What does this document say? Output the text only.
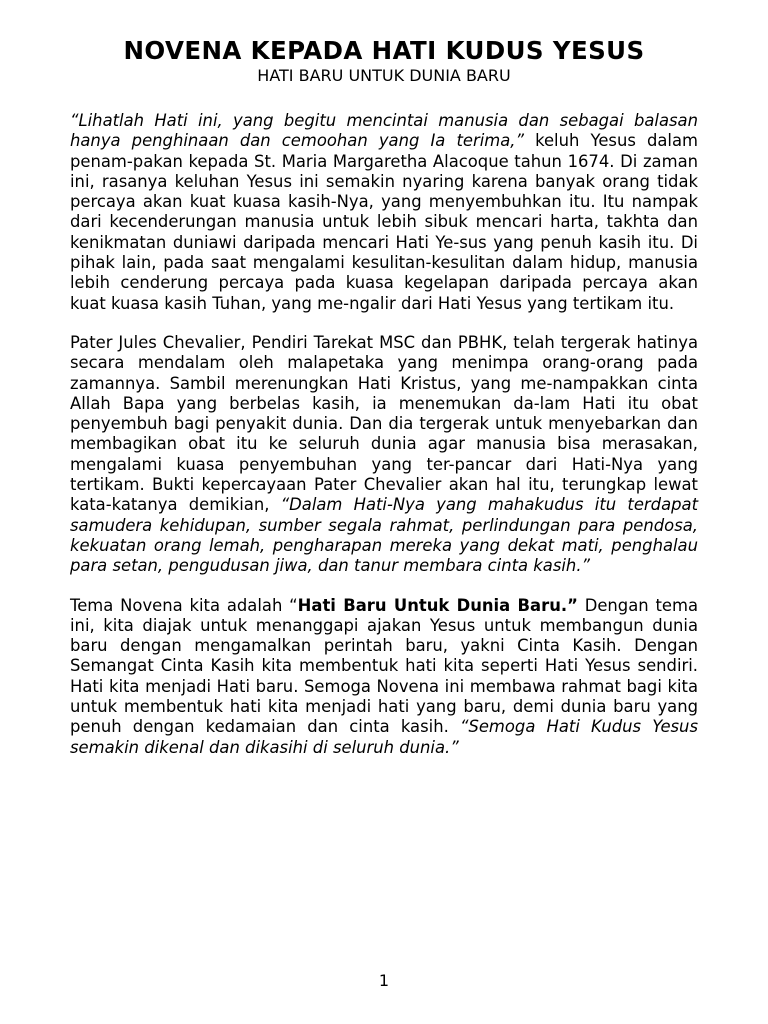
NOVENA KEPADA HATI KUDUS YESUS
HATI BARU UNTUK DUNIA BARU

“Lihatlah Hati ini, yang begitu mencintai manusia dan sebagai balasan hanya penghinaan dan cemoohan yang Ia terima,” keluh Yesus dalam penam-pakan kepada St. Maria Margaretha Alacoque tahun 1674. Di zaman ini, rasanya keluhan Yesus ini semakin nyaring karena banyak orang tidak percaya akan kuat kuasa kasih-Nya, yang menyembuhkan itu. Itu nampak dari kecenderungan manusia untuk lebih sibuk mencari harta, takhta dan kenikmatan duniawi daripada mencari Hati Ye-sus yang penuh kasih itu. Di pihak lain, pada saat mengalami kesulitan-kesulitan dalam hidup, manusia lebih cenderung percaya pada kuasa kegelapan daripada percaya akan kuat kuasa kasih Tuhan, yang me-ngalir dari Hati Yesus yang tertikam itu.

Pater Jules Chevalier, Pendiri Tarekat MSC dan PBHK, telah tergerak hatinya secara mendalam oleh malapetaka yang menimpa orang-orang pada zamannya. Sambil merenungkan Hati Kristus, yang me-nampakkan cinta Allah Bapa yang berbelas kasih, ia menemukan da-lam Hati itu obat penyembuh bagi penyakit dunia. Dan dia tergerak untuk menyebarkan dan membagikan obat itu ke seluruh dunia agar manusia bisa merasakan, mengalami kuasa penyembuhan yang ter-pancar dari Hati-Nya yang tertikam. Bukti kepercayaan Pater Chevalier akan hal itu, terungkap lewat kata-katanya demikian, “Dalam Hati-Nya yang mahakudus itu terdapat samudera kehidupan, sumber segala rahmat, perlindungan para pendosa, kekuatan orang lemah, pengharapan mereka yang dekat mati, penghalau para setan, pengudusan jiwa, dan tanur membara cinta kasih.”

Tema Novena kita adalah “Hati Baru Untuk Dunia Baru.” Dengan tema ini, kita diajak untuk menanggapi ajakan Yesus untuk membangun dunia baru dengan mengamalkan perintah baru, yakni Cinta Kasih. Dengan Semangat Cinta Kasih kita membentuk hati kita seperti Hati Yesus sendiri. Hati kita menjadi Hati baru. Semoga Novena ini membawa rahmat bagi kita untuk membentuk hati kita menjadi hati yang baru, demi dunia baru yang penuh dengan kedamaian dan cinta kasih. “Semoga Hati Kudus Yesus semakin dikenal dan dikasihi di seluruh dunia.”

1
